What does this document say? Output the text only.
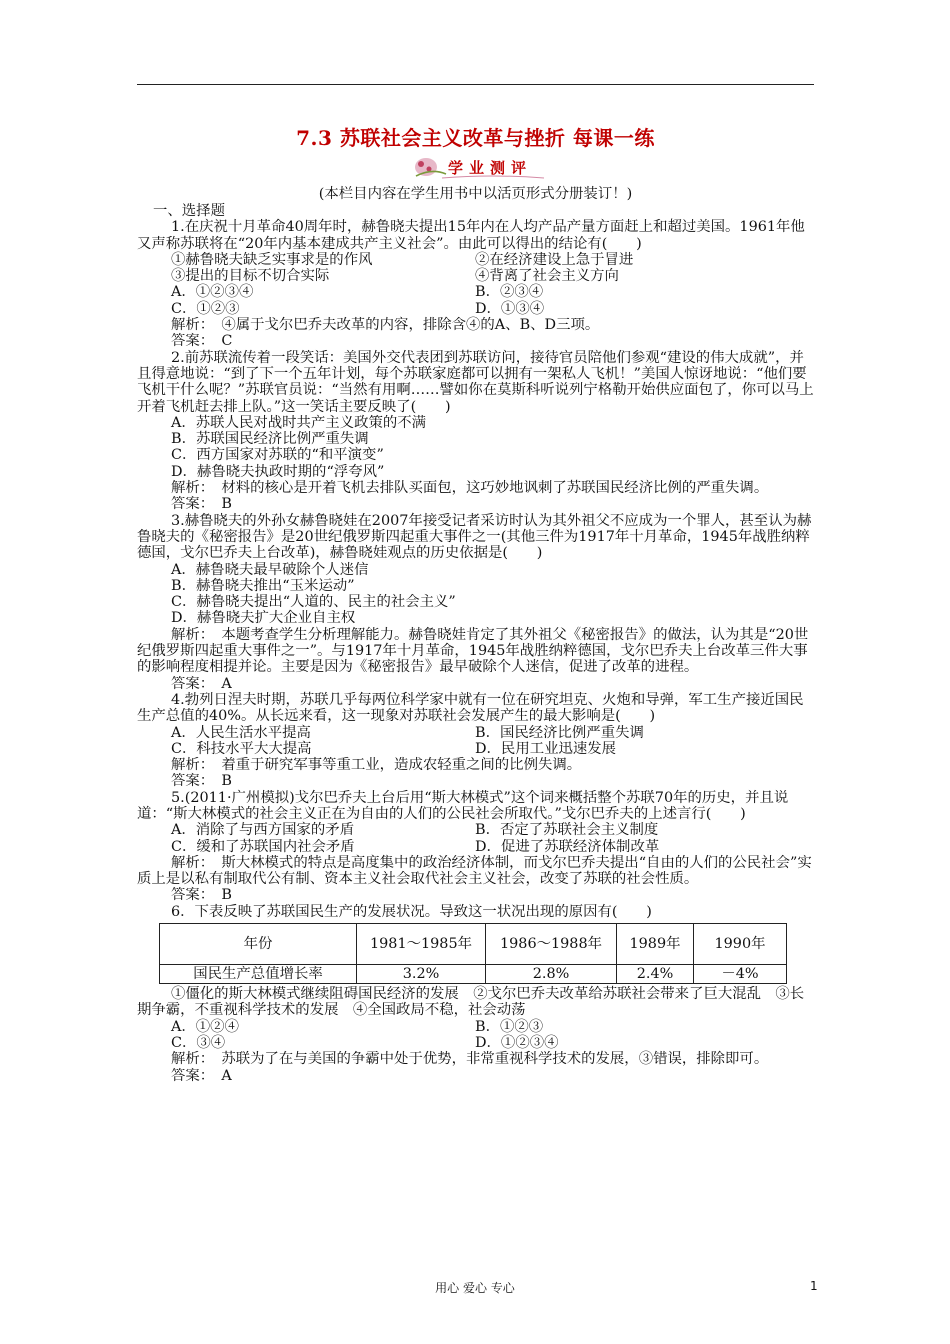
7.3 苏联社会主义改革与挫折 每课一练
学业测评
(本栏目内容在学生用书中以活页形式分册装订！)

一、选择题

1.在庆祝十月革命40周年时，赫鲁晓夫提出15年内在人均产品产量方面赶上和超过美国。1961年他又声称苏联将在“20年内基本建成共产主义社会”。由此可以得出的结论有(　　)

①赫鲁晓夫缺乏实事求是的作风	②在经济建设上急于冒进
③提出的目标不切合实际	④背离了社会主义方向
A．①②③④	B．②③④
C．①②③	D．①③④

解析：　④属于戈尔巴乔夫改革的内容，排除含④的A、B、D三项。

答案：　C

2.前苏联流传着一段笑话：美国外交代表团到苏联访问，接待官员陪他们参观“建设的伟大成就”，并且得意地说：“到了下一个五年计划，每个苏联家庭都可以拥有一架私人飞机！”美国人惊讶地说：“他们要飞机干什么呢？”苏联官员说：“当然有用啊……譬如你在莫斯科听说列宁格勒开始供应面包了，你可以马上开着飞机赶去排上队。”这一笑话主要反映了(　　)

A．苏联人民对战时共产主义政策的不满

B．苏联国民经济比例严重失调

C．西方国家对苏联的“和平演变”

D．赫鲁晓夫执政时期的“浮夸风”

解析：　材料的核心是开着飞机去排队买面包，这巧妙地讽刺了苏联国民经济比例的严重失调。

答案：　B

3.赫鲁晓夫的外孙女赫鲁晓娃在2007年接受记者采访时认为其外祖父不应成为一个罪人，甚至认为赫鲁晓夫的《秘密报告》是20世纪俄罗斯四起重大事件之一(其他三件为1917年十月革命，1945年战胜纳粹德国，戈尔巴乔夫上台改革)，赫鲁晓娃观点的历史依据是(　　)

A．赫鲁晓夫最早破除个人迷信

B．赫鲁晓夫推出“玉米运动”

C．赫鲁晓夫提出“人道的、民主的社会主义”

D．赫鲁晓夫扩大企业自主权

解析：　本题考查学生分析理解能力。赫鲁晓娃肯定了其外祖父《秘密报告》的做法，认为其是“20世纪俄罗斯四起重大事件之一”。与1917年十月革命，1945年战胜纳粹德国，戈尔巴乔夫上台改革三件大事的影响程度相提并论。主要是因为《秘密报告》最早破除个人迷信，促进了改革的进程。

答案：　A

4.勃列日涅夫时期，苏联几乎每两位科学家中就有一位在研究坦克、火炮和导弹，军工生产接近国民生产总值的40%。从长远来看，这一现象对苏联社会发展产生的最大影响是(　　)

A．人民生活水平提高	B．国民经济比例严重失调
C．科技水平大大提高	D．民用工业迅速发展

解析：　着重于研究军事等重工业，造成农轻重之间的比例失调。

答案：　B

5.(2011·广州模拟)戈尔巴乔夫上台后用“斯大林模式”这个词来概括整个苏联70年的历史，并且说道：“斯大林模式的社会主义正在为自由的人们的公民社会所取代。”戈尔巴乔夫的上述言行(　　)

A．消除了与西方国家的矛盾	B．否定了苏联社会主义制度
C．缓和了苏联国内社会矛盾	D．促进了苏联经济体制改革

解析：　斯大林模式的特点是高度集中的政治经济体制，而戈尔巴乔夫提出“自由的人们的公民社会”实质上是以私有制取代公有制、资本主义社会取代社会主义社会，改变了苏联的社会性质。

答案：　B

6．下表反映了苏联国民生产的发展状况。导致这一状况出现的原因有(　　)

年份	1981～1985年	1986～1988年	1989年	1990年
国民生产总值增长率	3.2%	2.8%	2.4%	－4%

①僵化的斯大林模式继续阻碍国民经济的发展　②戈尔巴乔夫改革给苏联社会带来了巨大混乱　③长期争霸，不重视科学技术的发展　④全国政局不稳，社会动荡

A．①②④	B．①②③
C．③④	D．①②③④

解析：　苏联为了在与美国的争霸中处于优势，非常重视科学技术的发展，③错误，排除即可。

答案：　A

用心 爱心 专心	1
